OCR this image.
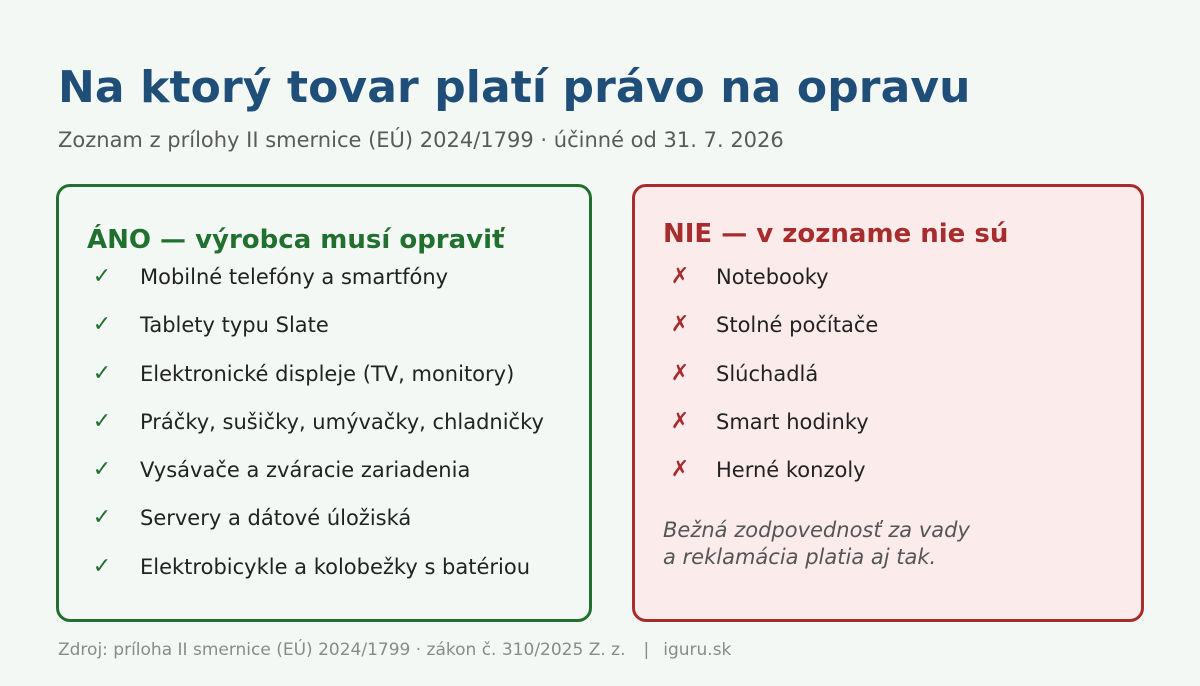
Na ktorý tovar platí právo na opravu
Zoznam z prílohy II smernice (EÚ) 2024/1799 · účinné od 31. 7. 2026
ÁNO — výrobca musí opraviť
✓ Mobilné telefóny a smartfóny
✓ Tablety typu Slate
✓ Elektronické displeje (TV, monitory)
✓ Práčky, sušičky, umývačky, chladničky
✓ Vysávače a zváracie zariadenia
✓ Servery a dátové úložiská
✓ Elektrobicykle a kolobežky s batériou
NIE — v zozname nie sú
✗ Notebooky
✗ Stolné počítače
✗ Slúchadlá
✗ Smart hodinky
✗ Herné konzoly
Bežná zodpovednosť za vady
a reklamácia platia aj tak.
Zdroj: príloha II smernice (EÚ) 2024/1799 · zákon č. 310/2025 Z. z. | iguru.sk
